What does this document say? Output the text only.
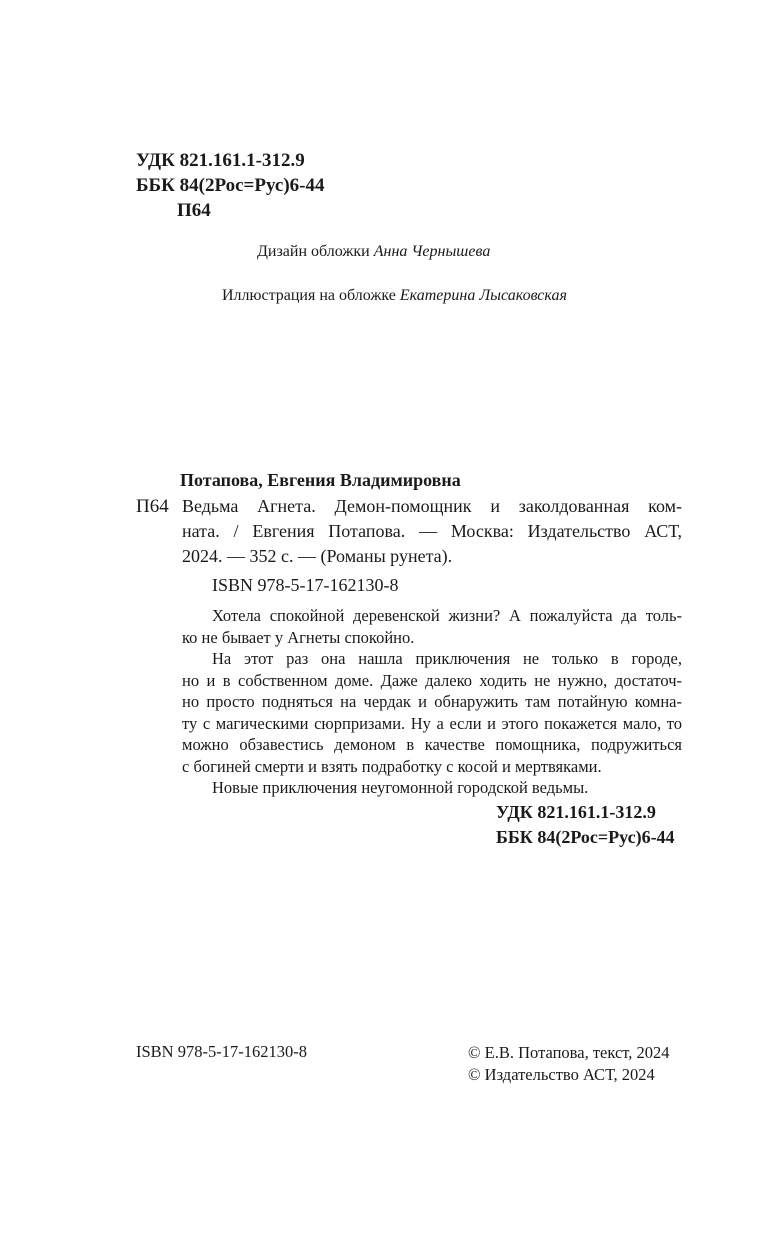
УДК 821.161.1-312.9
ББК 84(2Рос=Рус)6-44
П64
Дизайн обложки Анна Чернышева
Иллюстрация на обложке Екатерина Лысаковская
Потапова, Евгения Владимировна
П64 Ведьма Агнета. Демон-помощник и заколдованная ком-
ната. / Евгения Потапова. — Москва: Издательство АСТ,
2024. — 352 с. — (Романы рунета).
ISBN 978-5-17-162130-8
Хотела спокойной деревенской жизни? А пожалуйста да толь-
ко не бывает у Агнеты спокойно.
На этот раз она нашла приключения не только в городе,
но и в собственном доме. Даже далеко ходить не нужно, достаточ-
но просто подняться на чердак и обнаружить там потайную комна-
ту с магическими сюрпризами. Ну а если и этого покажется мало, то
можно обзавестись демоном в качестве помощника, подружиться
с богиней смерти и взять подработку с косой и мертвяками.
Новые приключения неугомонной городской ведьмы.
УДК 821.161.1-312.9
ББК 84(2Рос=Рус)6-44
ISBN 978-5-17-162130-8	© Е.В. Потапова, текст, 2024
© Издательство АСТ, 2024
